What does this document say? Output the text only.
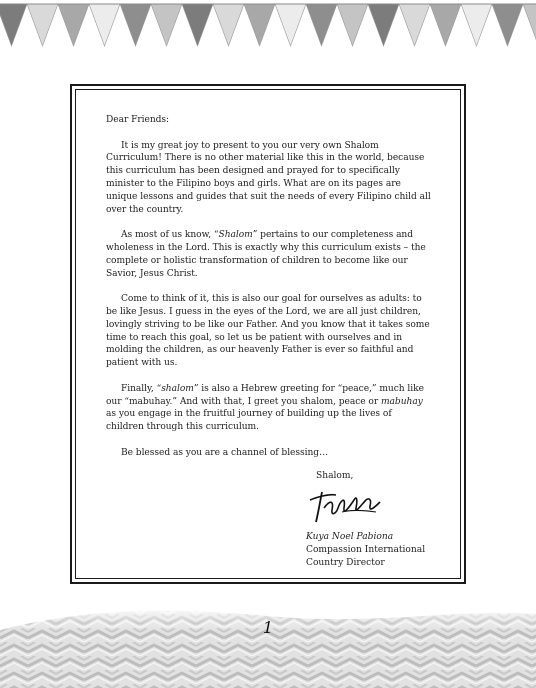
Dear Friends:

It is my great joy to present to you our very own Shalom Curriculum! There is no other material like this in the world, because this curriculum has been designed and prayed for to specifically minister to the Filipino boys and girls. What are on its pages are unique lessons and guides that suit the needs of every Filipino child all over the country.

As most of us know, “Shalom” pertains to our completeness and wholeness in the Lord. This is exactly why this curriculum exists – the complete or holistic transformation of children to become like our Savior, Jesus Christ.

Come to think of it, this is also our goal for ourselves as adults: to be like Jesus. I guess in the eyes of the Lord, we are all just children, lovingly striving to be like our Father. And you know that it takes some time to reach this goal, so let us be patient with ourselves and in molding the children, as our heavenly Father is ever so faithful and patient with us.

Finally, “shalom” is also a Hebrew greeting for “peace,” much like our “mabuhay.” And with that, I greet you shalom, peace or mabuhay as you engage in the fruitful journey of building up the lives of children through this curriculum.

Be blessed as you are a channel of blessing…

Shalom,
Kuya Noel Pabiona
Compassion International
Country Director
1
